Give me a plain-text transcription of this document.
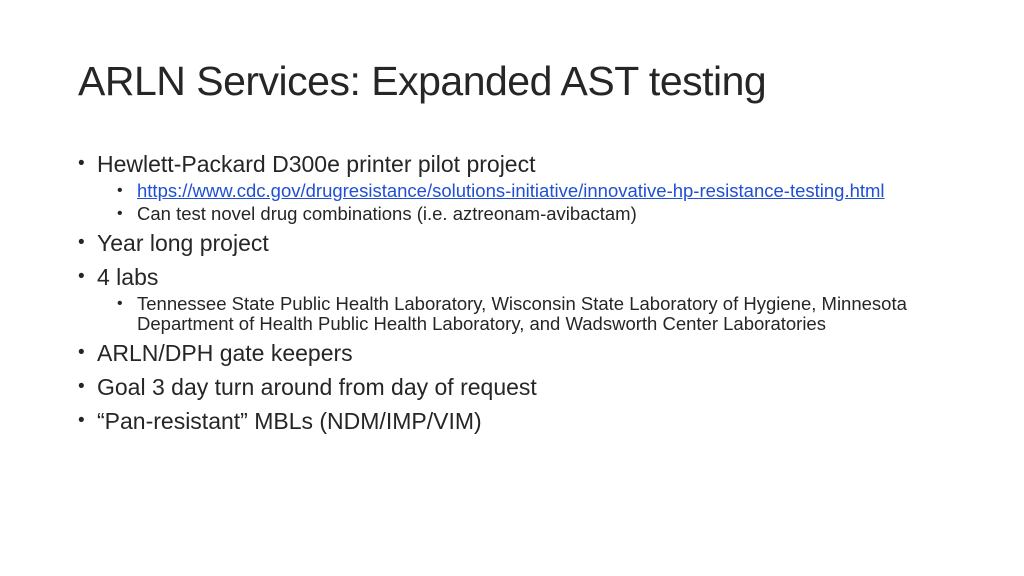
ARLN Services: Expanded AST testing
• Hewlett-Packard D300e printer pilot project
• https://www.cdc.gov/drugresistance/solutions-initiative/innovative-hp-resistance-testing.html
• Can test novel drug combinations (i.e. aztreonam-avibactam)
• Year long project
• 4 labs
• Tennessee State Public Health Laboratory, Wisconsin State Laboratory of Hygiene, Minnesota Department of Health Public Health Laboratory, and Wadsworth Center Laboratories
• ARLN/DPH gate keepers
• Goal 3 day turn around from day of request
• “Pan-resistant” MBLs (NDM/IMP/VIM)
